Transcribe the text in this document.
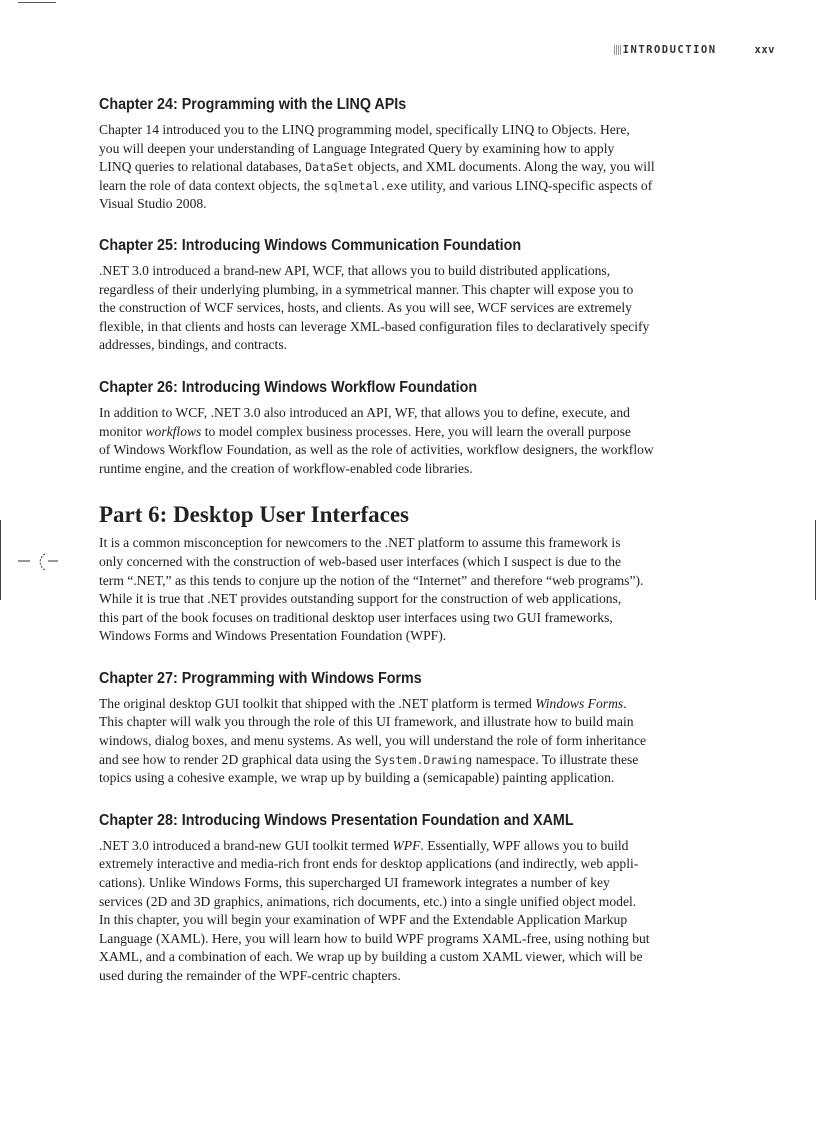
INTRODUCTION	xxv
Chapter 24: Programming with the LINQ APIs

Chapter 14 introduced you to the LINQ programming model, specifically LINQ to Objects. Here,
you will deepen your understanding of Language Integrated Query by examining how to apply
LINQ queries to relational databases, DataSet objects, and XML documents. Along the way, you will
learn the role of data context objects, the sqlmetal.exe utility, and various LINQ-specific aspects of
Visual Studio 2008.

Chapter 25: Introducing Windows Communication Foundation

.NET 3.0 introduced a brand-new API, WCF, that allows you to build distributed applications,
regardless of their underlying plumbing, in a symmetrical manner. This chapter will expose you to
the construction of WCF services, hosts, and clients. As you will see, WCF services are extremely
flexible, in that clients and hosts can leverage XML-based configuration files to declaratively specify
addresses, bindings, and contracts.

Chapter 26: Introducing Windows Workflow Foundation

In addition to WCF, .NET 3.0 also introduced an API, WF, that allows you to define, execute, and
monitor workflows to model complex business processes. Here, you will learn the overall purpose
of Windows Workflow Foundation, as well as the role of activities, workflow designers, the workflow
runtime engine, and the creation of workflow-enabled code libraries.

Part 6: Desktop User Interfaces

It is a common misconception for newcomers to the .NET platform to assume this framework is
only concerned with the construction of web-based user interfaces (which I suspect is due to the
term “.NET,” as this tends to conjure up the notion of the “Internet” and therefore “web programs”).
While it is true that .NET provides outstanding support for the construction of web applications,
this part of the book focuses on traditional desktop user interfaces using two GUI frameworks,
Windows Forms and Windows Presentation Foundation (WPF).

Chapter 27: Programming with Windows Forms

The original desktop GUI toolkit that shipped with the .NET platform is termed Windows Forms.
This chapter will walk you through the role of this UI framework, and illustrate how to build main
windows, dialog boxes, and menu systems. As well, you will understand the role of form inheritance
and see how to render 2D graphical data using the System.Drawing namespace. To illustrate these
topics using a cohesive example, we wrap up by building a (semicapable) painting application.

Chapter 28: Introducing Windows Presentation Foundation and XAML

.NET 3.0 introduced a brand-new GUI toolkit termed WPF. Essentially, WPF allows you to build
extremely interactive and media-rich front ends for desktop applications (and indirectly, web appli-
cations). Unlike Windows Forms, this supercharged UI framework integrates a number of key
services (2D and 3D graphics, animations, rich documents, etc.) into a single unified object model.
In this chapter, you will begin your examination of WPF and the Extendable Application Markup
Language (XAML). Here, you will learn how to build WPF programs XAML-free, using nothing but
XAML, and a combination of each. We wrap up by building a custom XAML viewer, which will be
used during the remainder of the WPF-centric chapters.
